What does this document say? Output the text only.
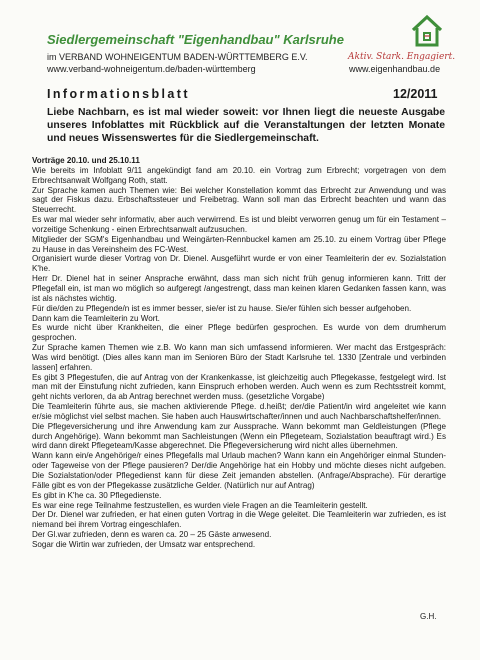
Siedlergemeinschaft "Eigenhandbau" Karlsruhe
im VERBAND WOHNEIGENTUM BADEN-WÜRTTEMBERG E.V.	Aktiv. Stark. Engagiert.
www.verband-wohneigentum.de/baden-württemberg	www.eigenhandbau.de
Informationsblatt	12/2011
Liebe Nachbarn, es ist mal wieder soweit: vor Ihnen liegt die neueste Ausgabe unseres Infoblattes mit Rückblick auf die Veranstaltungen der letzten Monate und neues Wissenswertes für die Siedlergemeinschaft.

Vorträge 20.10. und 25.10.11

Wie bereits im Infoblatt 9/11 angekündigt fand am 20.10. ein Vortrag zum Erbrecht; vorgetragen von dem Erbrechtsanwalt Wolfgang Roth, statt.

Zur Sprache kamen auch Themen wie: Bei welcher Konstellation kommt das Erbrecht zur Anwendung und was sagt der Fiskus dazu. Erbschaftssteuer und Freibetrag. Wann soll man das Erbrecht beachten und wann das Steuerrecht.

Es war mal wieder sehr informativ, aber auch verwirrend. Es ist und bleibt verworren genug um für ein Testament – vorzeitige Schenkung - einen Erbrechtsanwalt aufzusuchen.

Mitglieder der SGM's Eigenhandbau und Weingärten-Rennbuckel kamen am 25.10. zu einem Vortrag über Pflege zu Hause in das Vereinsheim des FC-West.

Organisiert wurde dieser Vortrag von Dr. Dienel. Ausgeführt wurde er von einer Teamleiterin der ev. Sozialstation K'he.

Herr Dr. Dienel hat in seiner Ansprache erwähnt, dass man sich nicht früh genug informieren kann. Tritt der Pflegefall ein, ist man wo möglich so aufgeregt /angestrengt, dass man keinen klaren Gedanken fassen kann, was ist als nächstes wichtig.

Für die/den zu Pflegende/n ist es immer besser, sie/er ist zu hause. Sie/er fühlen sich besser aufgehoben.

Dann kam die Teamleiterin zu Wort.

Es wurde nicht über Krankheiten, die einer Pflege bedürfen gesprochen. Es wurde von dem drumherum gesprochen.

Zur Sprache kamen Themen wie z.B. Wo kann man sich umfassend informieren. Wer macht das Erstgespräch: Was wird benötigt. (Dies alles kann man im Senioren Büro der Stadt Karlsruhe tel. 1330 [Zentrale und verbinden lassen] erfahren.

Es gibt 3 Pflegestufen, die auf Antrag von der Krankenkasse, ist gleichzeitig auch Pflegekasse, festgelegt wird. Ist man mit der Einstufung nicht zufrieden, kann Einspruch erhoben werden. Auch wenn es zum Rechtsstreit kommt, geht nichts verloren, da ab Antrag berechnet werden muss. (gesetzliche Vorgabe)

Die Teamleiterin führte aus, sie machen aktivierende Pflege. d.heißt; der/die Patient/in wird angeleitet wie kann er/sie möglichst viel selbst machen. Sie haben auch Hauswirtschafter/innen und auch Nachbarschaftshelfer/innen.

Die Pflegeversicherung und ihre Anwendung kam zur Aussprache. Wann bekommt man Geldleistungen (Pflege durch Angehörige). Wann bekommt man Sachleistungen (Wenn ein Pflegeteam, Sozialstation beauftragt wird.) Es wird dann direkt Pflegeteam/Kasse abgerechnet. Die Pflegeversicherung wird nicht alles übernehmen.

Wann kann ein/e Angehörige/r eines Pflegefalls mal Urlaub machen? Wann kann ein Angehöriger einmal Stunden- oder Tageweise von der Pflege pausieren? Der/die Angehörige hat ein Hobby und möchte dieses nicht aufgeben. Die Sozialstation/oder Pflegedienst kann für diese Zeit jemanden abstellen. (Anfrage/Absprache). Für derartige Fälle gibt es von der Pflegekasse zusätzliche Gelder. (Natürlich nur auf Antrag)

Es gibt in K'he ca. 30 Pflegedienste.

Es war eine rege Teilnahme festzustellen, es wurden viele Fragen an die Teamleiterin gestellt.

Der Dr. Dienel war zufrieden, er hat einen guten Vortrag in die Wege geleitet. Die Teamleiterin war zufrieden, es ist niemand bei ihrem Vortrag eingeschlafen.

Der Gl.war zufrieden, denn es waren ca. 20 – 25 Gäste anwesend.

Sogar die Wirtin war zufrieden, der Umsatz war entsprechend.

G.H.
